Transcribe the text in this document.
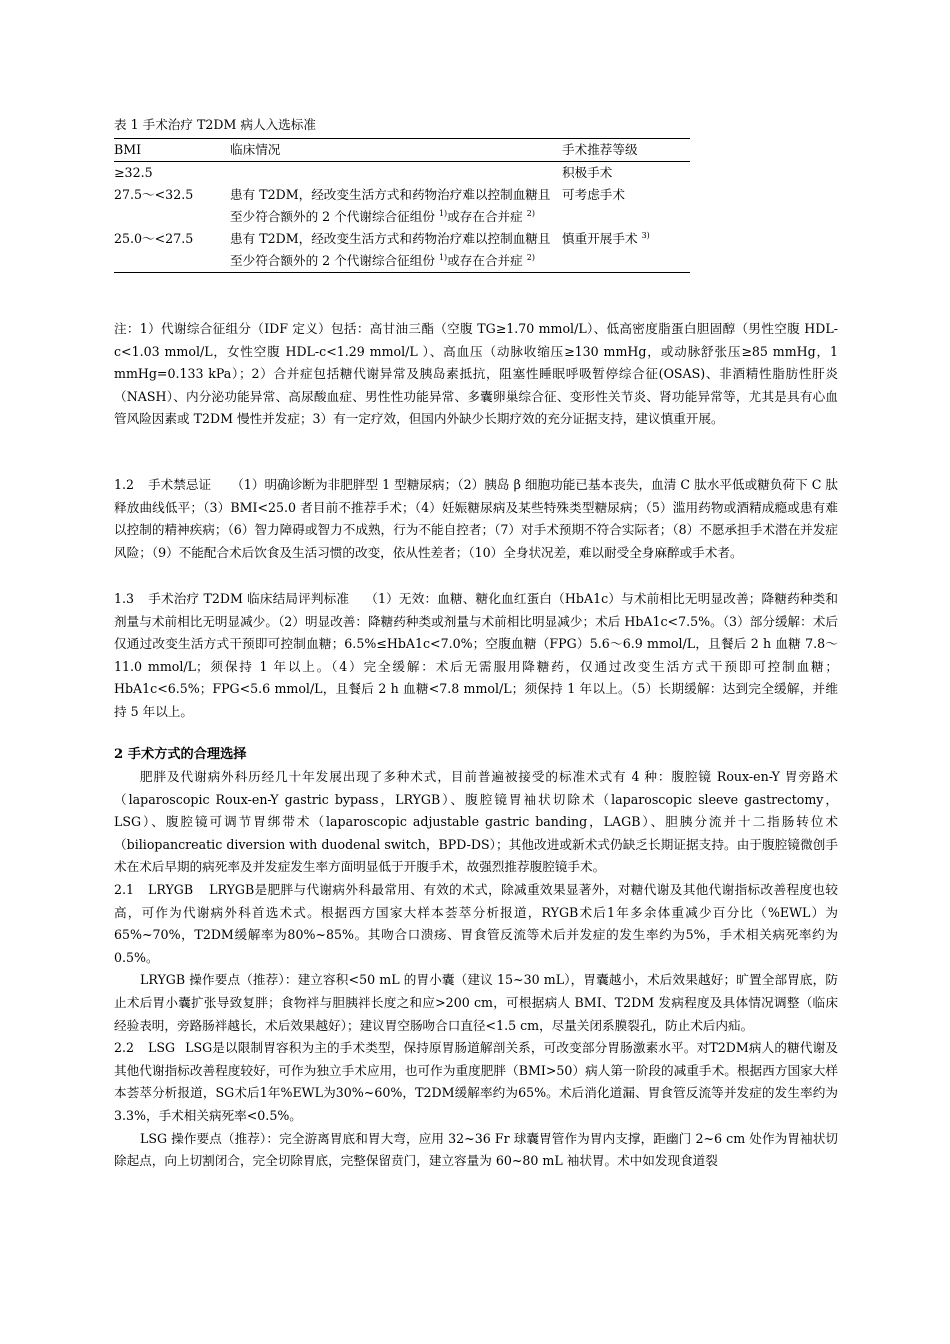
表 1 手术治疗 T2DM 病人入选标准
BMI	临床情况	手术推荐等级
≥32.5		积极手术
27.5～<32.5	患有 T2DM，经改变生活方式和药物治疗难以控制血糖且至少符合额外的 2 个代谢综合征组份 $^{1)}$或存在合并症 $^{2)}$	可考虑手术
25.0～<27.5	患有 T2DM，经改变生活方式和药物治疗难以控制血糖且至少符合额外的 2 个代谢综合征组份 $^{1)}$或存在合并症 $^{2)}$	慎重开展手术 $^{3)}$

注：1）代谢综合征组分（IDF 定义）包括：高甘油三酯（空腹 TG≥1.70 mmol/L）、低高密度脂蛋白胆固醇（男性空腹 HDL-c<1.03 mmol/L，女性空腹 HDL-c<1.29 mmol/L ）、高血压（动脉收缩压≥130 mmHg，或动脉舒张压≥85 mmHg，1 mmHg=0.133 kPa）；2）合并症包括糖代谢异常及胰岛素抵抗，阻塞性睡眠呼吸暂停综合征(OSAS)、非酒精性脂肪性肝炎（NASH）、内分泌功能异常、高尿酸血症、男性性功能异常、多囊卵巢综合征、变形性关节炎、肾功能异常等，尤其是具有心血管风险因素或 T2DM 慢性并发症；3）有一定疗效，但国内外缺少长期疗效的充分证据支持，建议慎重开展。

1.2 手术禁忌证 （1）明确诊断为非肥胖型 1 型糖尿病；（2）胰岛 β 细胞功能已基本丧失，血清 C 肽水平低或糖负荷下 C 肽释放曲线低平；（3）BMI<25.0 者目前不推荐手术；（4）妊娠糖尿病及某些特殊类型糖尿病；（5）滥用药物或酒精成瘾或患有难以控制的精神疾病；（6）智力障碍或智力不成熟，行为不能自控者；（7）对手术预期不符合实际者；（8）不愿承担手术潜在并发症风险；（9）不能配合术后饮食及生活习惯的改变，依从性差者；（10）全身状况差，难以耐受全身麻醉或手术者。

1.3 手术治疗 T2DM 临床结局评判标准 （1）无效：血糖、糖化血红蛋白（HbA1c）与术前相比无明显改善；降糖药种类和剂量与术前相比无明显减少。（2）明显改善：降糖药种类或剂量与术前相比明显减少；术后 HbA1c<7.5%。（3）部分缓解：术后仅通过改变生活方式干预即可控制血糖；6.5%≤HbA1c<7.0%；空腹血糖（FPG）5.6～6.9 mmol/L，且餐后 2 h 血糖 7.8～11.0 mmol/L；须保持 1 年以上。（4）完全缓解：术后无需服用降糖药，仅通过改变生活方式干预即可控制血糖；HbA1c<6.5%；FPG<5.6 mmol/L，且餐后 2 h 血糖<7.8 mmol/L；须保持 1 年以上。（5）长期缓解：达到完全缓解，并维持 5 年以上。

2 手术方式的合理选择

肥胖及代谢病外科历经几十年发展出现了多种术式，目前普遍被接受的标准术式有 4 种：腹腔镜 Roux-en-Y 胃旁路术（laparoscopic Roux-en-Y gastric bypass，LRYGB）、腹腔镜胃袖状切除术（laparoscopic sleeve gastrectomy，LSG）、腹腔镜可调节胃绑带术（laparoscopic adjustable gastric banding，LAGB）、胆胰分流并十二指肠转位术（biliopancreatic diversion with duodenal switch，BPD-DS）；其他改进或新术式仍缺乏长期证据支持。由于腹腔镜微创手术在术后早期的病死率及并发症发生率方面明显低于开腹手术，故强烈推荐腹腔镜手术。

2.1 LRYGB LRYGB是肥胖与代谢病外科最常用、有效的术式，除减重效果显著外，对糖代谢及其他代谢指标改善程度也较高，可作为代谢病外科首选术式。根据西方国家大样本荟萃分析报道，RYGB术后1年多余体重减少百分比（%EWL）为65%~70%，T2DM缓解率为80%~85%。其吻合口溃疡、胃食管反流等术后并发症的发生率约为5%，手术相关病死率约为0.5%。

LRYGB 操作要点（推荐）：建立容积<50 mL 的胃小囊（建议 15~30 mL），胃囊越小，术后效果越好；旷置全部胃底，防止术后胃小囊扩张导致复胖；食物袢与胆胰袢长度之和应>200 cm，可根据病人 BMI、T2DM 发病程度及具体情况调整（临床经验表明，旁路肠袢越长，术后效果越好）；建议胃空肠吻合口直径<1.5 cm，尽量关闭系膜裂孔，防止术后内疝。

2.2 LSG LSG是以限制胃容积为主的手术类型，保持原胃肠道解剖关系，可改变部分胃肠激素水平。对T2DM病人的糖代谢及其他代谢指标改善程度较好，可作为独立手术应用，也可作为重度肥胖（BMI>50）病人第一阶段的减重手术。根据西方国家大样本荟萃分析报道，SG术后1年%EWL为30%~60%，T2DM缓解率约为65%。术后消化道漏、胃食管反流等并发症的发生率约为3.3%，手术相关病死率<0.5%。

LSG 操作要点（推荐）：完全游离胃底和胃大弯，应用 32~36 Fr 球囊胃管作为胃内支撑，距幽门 2~6 cm 处作为胃袖状切除起点，向上切割闭合，完全切除胃底，完整保留贲门，建立容量为 60~80 mL 袖状胃。术中如发现食道裂
